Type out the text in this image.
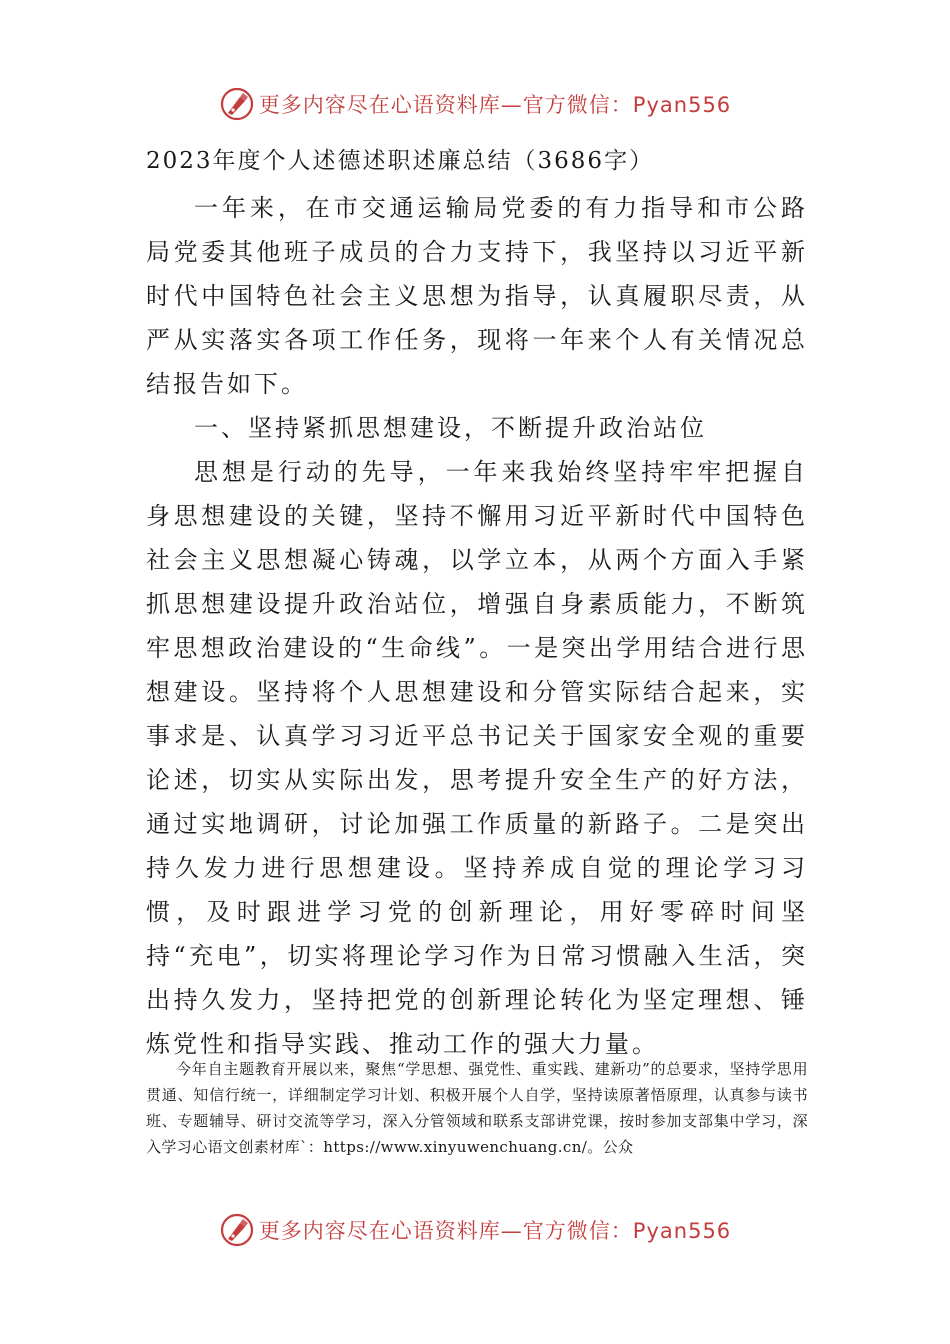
更多内容尽在心语资料库—官方微信：Pyan556
2023年度个人述德述职述廉总结（3686字）

一年来，在市交通运输局党委的有力指导和市公路局党委其他班子成员的合力支持下，我坚持以习近平新时代中国特色社会主义思想为指导，认真履职尽责，从严从实落实各项工作任务，现将一年来个人有关情况总结报告如下。

一、坚持紧抓思想建设，不断提升政治站位

思想是行动的先导，一年来我始终坚持牢牢把握自身思想建设的关键，坚持不懈用习近平新时代中国特色社会主义思想凝心铸魂，以学立本，从两个方面入手紧抓思想建设提升政治站位，增强自身素质能力，不断筑牢思想政治建设的“生命线”。一是突出学用结合进行思想建设。坚持将个人思想建设和分管实际结合起来，实事求是、认真学习习近平总书记关于国家安全观的重要论述，切实从实际出发，思考提升安全生产的好方法，通过实地调研，讨论加强工作质量的新路子。二是突出持久发力进行思想建设。坚持养成自觉的理论学习习惯，及时跟进学习党的创新理论，用好零碎时间坚持“充电”，切实将理论学习作为日常习惯融入生活，突出持久发力，坚持把党的创新理论转化为坚定理想、锤炼党性和指导实践、推动工作的强大力量。

今年自主题教育开展以来，聚焦“学思想、强党性、重实践、建新功”的总要求，坚持学思用贯通、知信行统一，详细制定学习计划、积极开展个人自学，坚持读原著悟原理，认真参与读书班、专题辅导、研讨交流等学习，深入分管领域和联系支部讲党课，按时参加支部集中学习，深入学习心语文创素材库`：https://www.xinyuwenchuang.cn/。公众

更多内容尽在心语资料库—官方微信：Pyan556
